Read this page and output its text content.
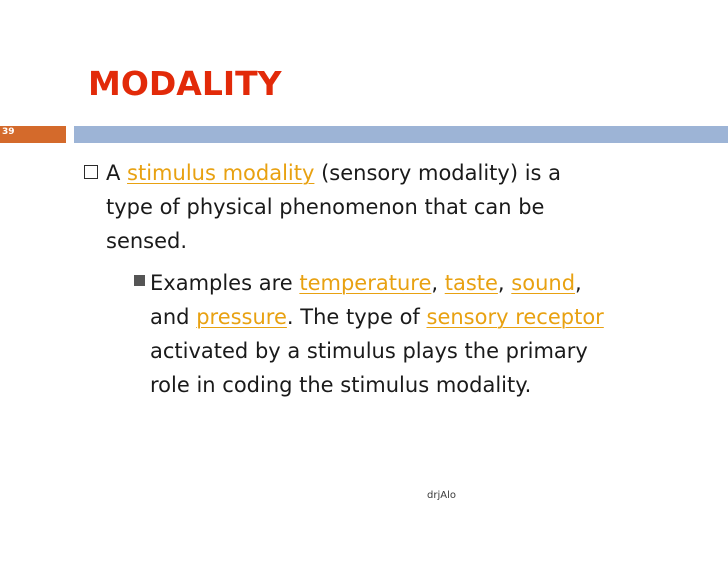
MODALITY
39
A stimulus modality (sensory modality) is a
type of physical phenomenon that can be
sensed.
Examples are temperature, taste, sound,
and pressure. The type of sensory receptor
activated by a stimulus plays the primary
role in coding the stimulus modality.
drjAlo
